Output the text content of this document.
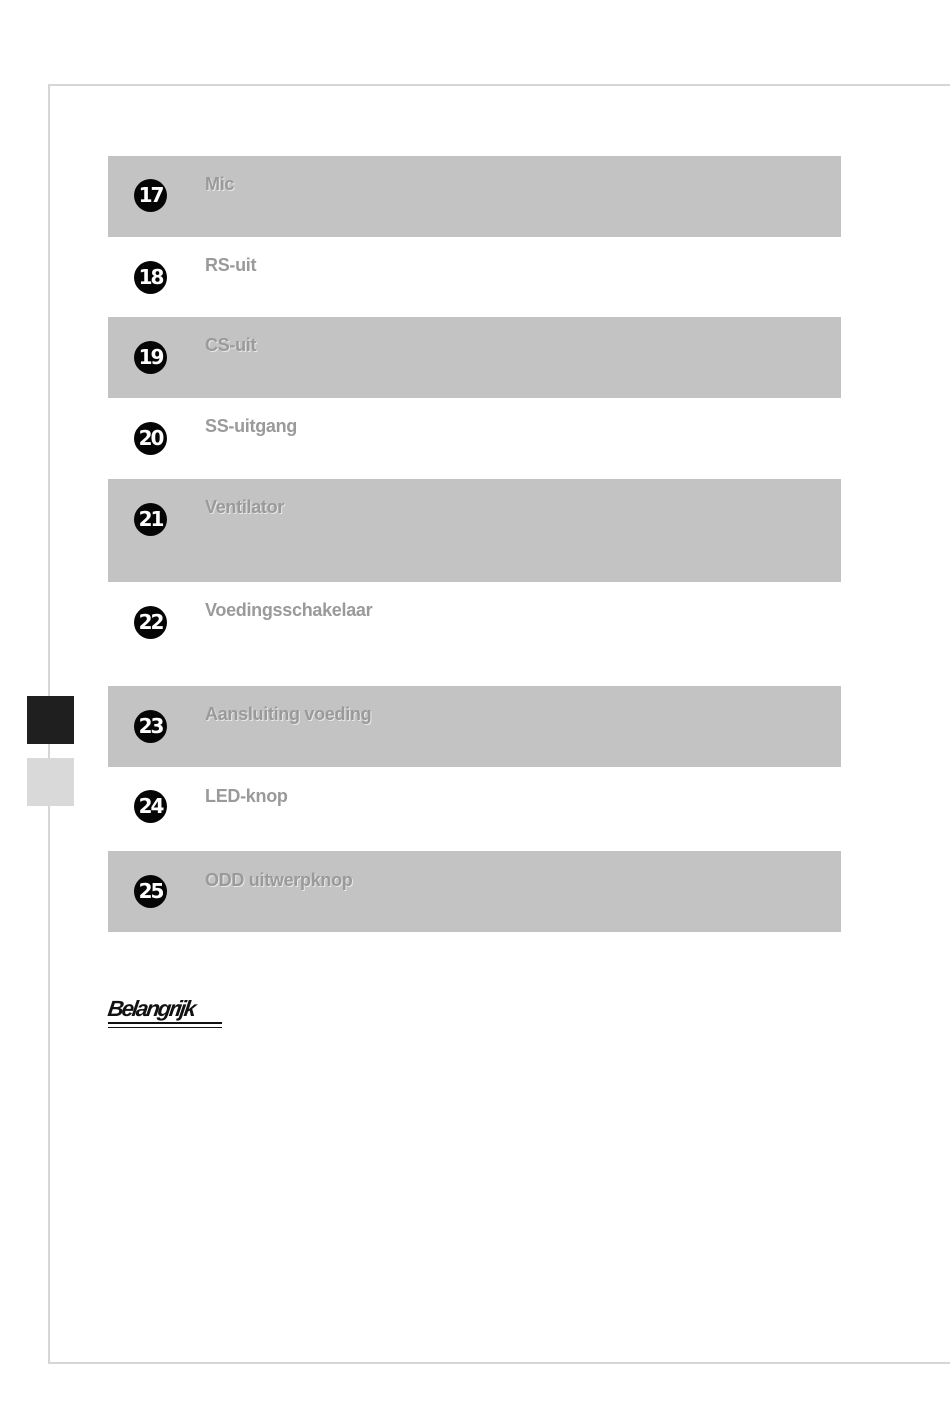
17 Mic
18 RS-uit
19 CS-uit
20 SS-uitgang
21 Ventilator
22 Voedingsschakelaar
23 Aansluiting voeding
24 LED-knop
25 ODD uitwerpknop
Belangrijk
